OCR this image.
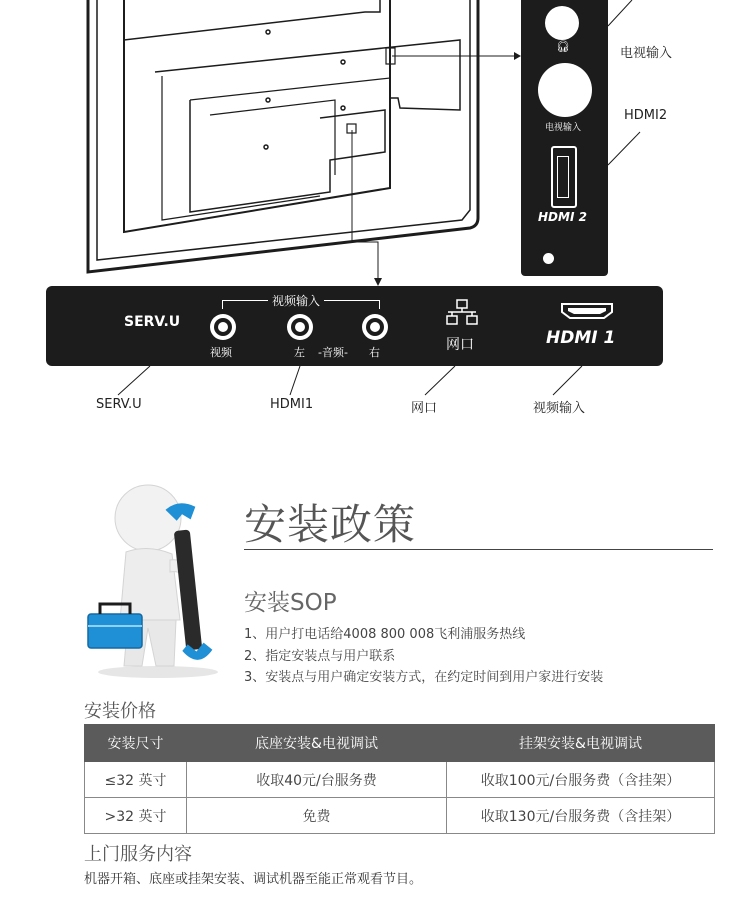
🎧︎
电视输入
HDMI 2
电视输入
HDMI2
SERV.U
视频输入
视频	左 -音频- 右	网口	HDMI 1
SERV.U	HDMI1	网口	视频输入
安装政策
安装SOP
1、用户打电话给4008 800 008飞利浦服务热线
2、指定安装点与用户联系
3、安装点与用户确定安装方式，在约定时间到用户家进行安装
安装价格
安装尺寸	底座安装&电视调试	挂架安装&电视调试
≤32 英寸	收取40元/台服务费	收取100元/台服务费（含挂架）
>32 英寸	免费	收取130元/台服务费（含挂架）
上门服务内容
机器开箱、底座或挂架安装、调试机器至能正常观看节目。
